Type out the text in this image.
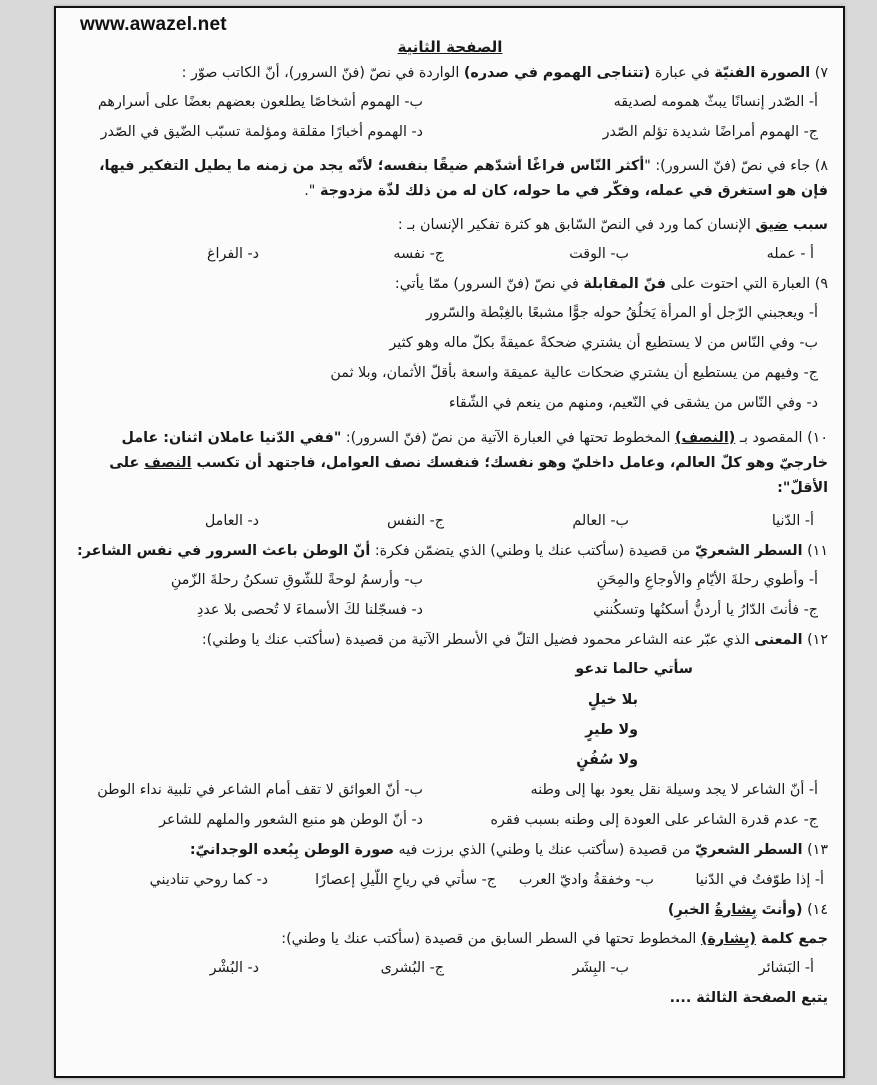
www.awazel.net
الصفحة الثانية
٧) الصورة الفنيّة في عبارة (تتناجى الهموم في صدره) الواردة في نصّ (فنّ السرور)، أنّ الكاتب صوّر :
أ- الصّدر إنسانًا يبثّ همومه لصديقه
ب- الهموم أشخاصًا يطلعون بعضهم بعضًا على أسرارهم
ج- الهموم أمراضًا شديدة تؤلم الصّدر
د- الهموم أخبارًا مقلقة ومؤلمة تسبّب الضّيق في الصّدر
٨) جاء في نصّ (فنّ السرور): "أكثر النّاس فراغًا أشدّهم ضيقًا بنفسه؛ لأنّه يجد من زمنه ما يطيل التفكير فيها، فإن هو استغرق في عمله، وفكّر في ما حوله، كان له من ذلك لذّة مزدوجة ".
سبب ضيق الإنسان كما ورد في النصّ السّابق هو كثرة تفكير الإنسان بـ :
أ - عمله
ب- الوقت
ج- نفسه
د- الفراغ
٩) العبارة التي احتوت على فنّ المقابلة في نصّ (فنّ السرور) ممّا يأتي:
أ- ويعجبني الرّجل أو المرأة يَخلُقُ حوله جوًّا مشبعًا بالغِبْطة والسّرور
ب- وفي النّاس من لا يستطيع أن يشتري ضحكةً عميقةً بكلّ ماله وهو كثير
ج- وفيهم من يستطيع أن يشتري ضحكات عالية عميقة واسعة بأقلّ الأثمان، وبلا ثمن
د- وفي النّاس من يشقى في النّعيم، ومنهم من ينعم في الشّقاء
١٠) المقصود بـ (النصف) المخطوط تحتها في العبارة الآتية من نصّ (فنّ السرور): "ففي الدّنيا عاملان اثنان: عامل خارجيّ وهو كلّ العالم، وعامل داخليّ وهو نفسك؛ فنفسك نصف العوامل، فاجتهد أن تكسب النصف على الأقلّ":
أ- الدّنيا
ب- العالم
ج- النفس
د- العامل
١١) السطر الشعريّ من قصيدة (سأكتب عنك يا وطني) الذي يتضمّن فكرة: أنّ الوطن باعث السرور في نفس الشاعر:
أ- وأطوي رحلةَ الأيّامِ والأوجاعِ والمِحَنِ
ب- وأرسمُ لوحةً للشّوقِ تسكنُ رحلةَ الزّمنِ
ج- فأنتَ الدّارُ يا أردنُّ أسكنُها وتسكُنني
د- فسجّلنا لكَ الأسماءَ لا تُحصى بلا عددِ
١٢) المعنى الذي عبّر عنه الشاعر محمود فضيل التلّ في الأسطر الآتية من قصيدة (سأكتب عنك يا وطني):
سأتي حالما تدعو
بلا خيلٍ
ولا طيرٍ
ولا سُفُنٍ
أ- أنّ الشاعر لا يجد وسيلة نقل يعود بها إلى وطنه
ب- أنّ العوائق لا تقف أمام الشاعر في تلبية نداء الوطن
ج- عدم قدرة الشاعر على العودة إلى وطنه بسبب فقره
د- أنّ الوطن هو منبع الشعور والملهم للشاعر
١٣) السطر الشعريّ من قصيدة (سأكتب عنك يا وطني) الذي برزت فيه صورة الوطن بِبُعده الوجدانيّ:
أ- إذا طوّفتُ في الدّنيا
ب- وخفقةُ واديّ العرب
ج- سأتي في رياحِ اللّيلِ إعصارًا
د- كما روحي تناديني
١٤) (وأنتَ بِشارةُ الخبرِ)
جمع كلمة (بِشارة) المخطوط تحتها في السطر السابق من قصيدة (سأكتب عنك يا وطني):
أ- البَشائر
ب- البِشَر
ج- البُشرى
د- البُشْر
يتبع الصفحة الثالثة ....
